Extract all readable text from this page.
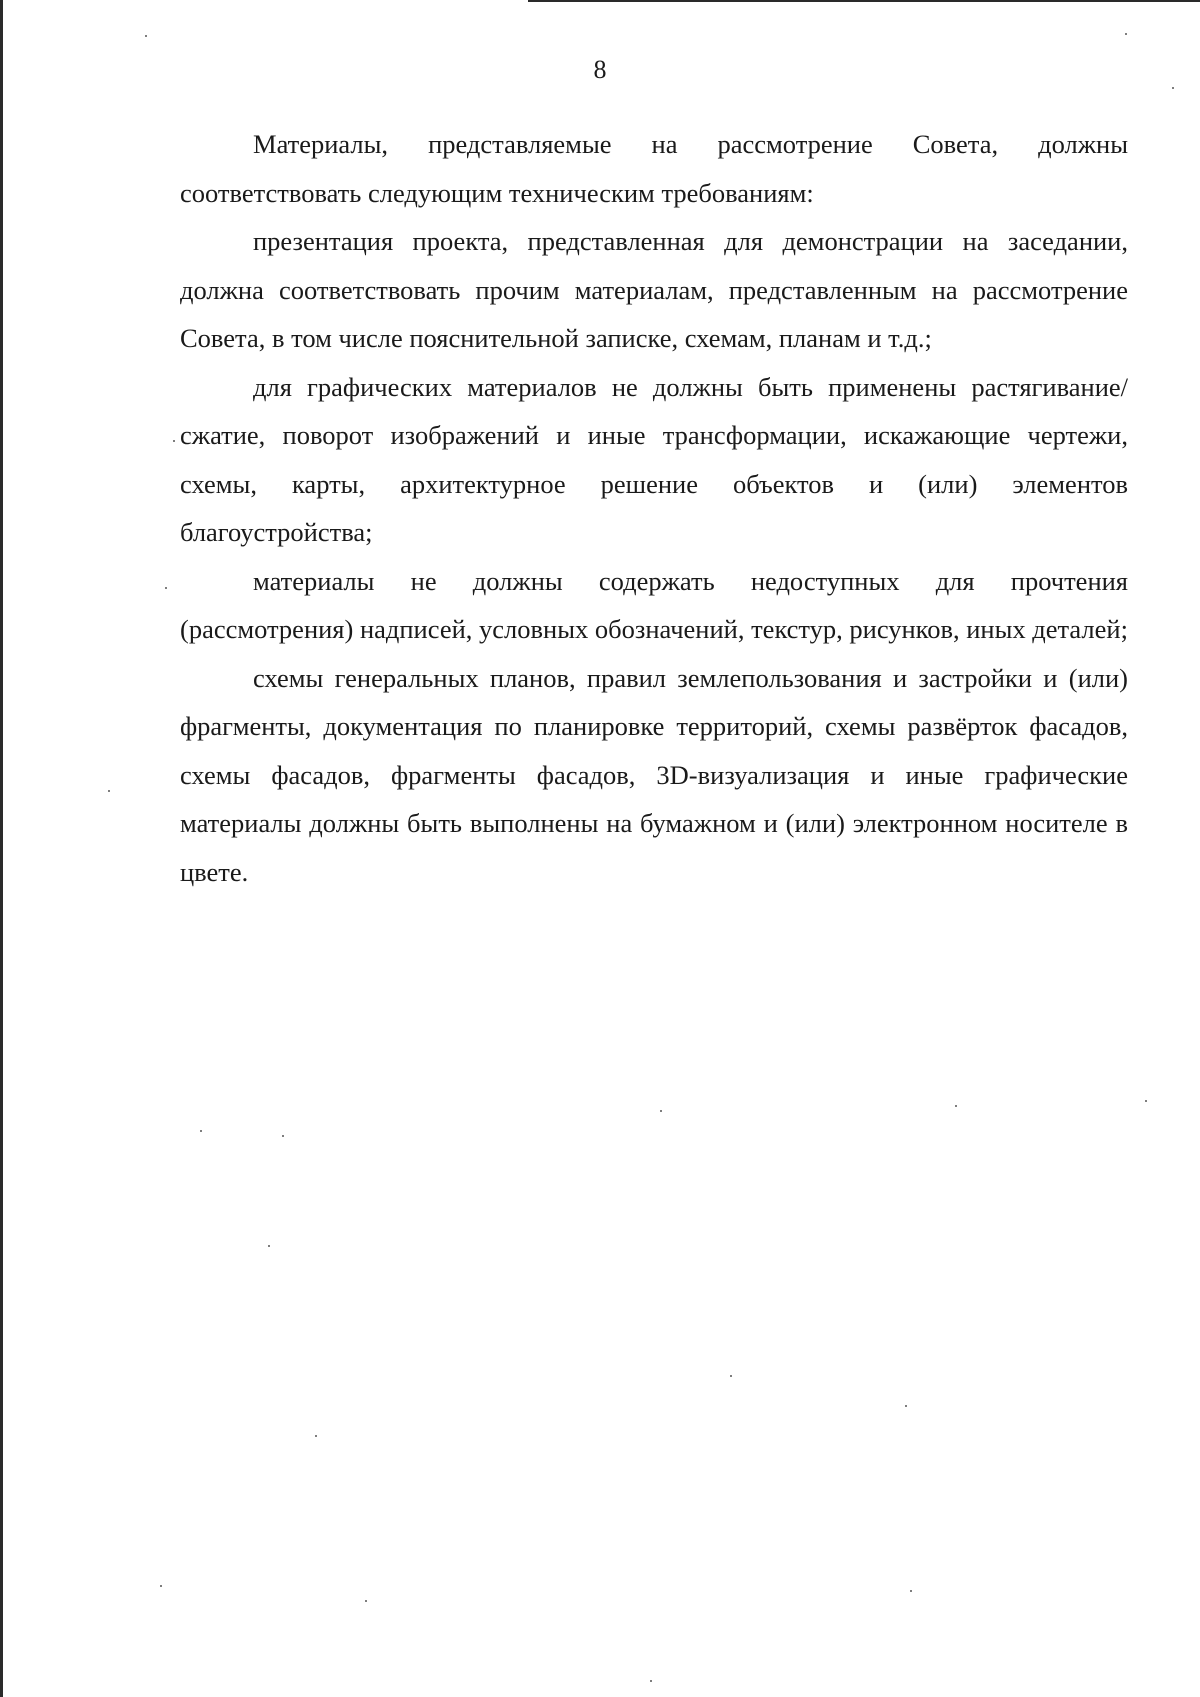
8

Материалы, представляемые на рассмотрение Совета, должны соответствовать следующим техническим требованиям:

презентация проекта, представленная для демонстрации на заседании, должна соответствовать прочим материалам, представленным на рассмотрение Совета, в том числе пояснительной записке, схемам, планам и т.д.;

для графических материалов не должны быть применены растягивание/сжатие, поворот изображений и иные трансформации, искажающие чертежи, схемы, карты, архитектурное решение объектов и (или) элементов благоустройства;

материалы не должны содержать недоступных для прочтения (рассмотрения) надписей, условных обозначений, текстур, рисунков, иных деталей;

схемы генеральных планов, правил землепользования и застройки и (или) фрагменты, документация по планировке территорий, схемы развёрток фасадов, схемы фасадов, фрагменты фасадов, 3D-визуализация и иные графические материалы должны быть выполнены на бумажном и (или) электронном носителе в цвете.
